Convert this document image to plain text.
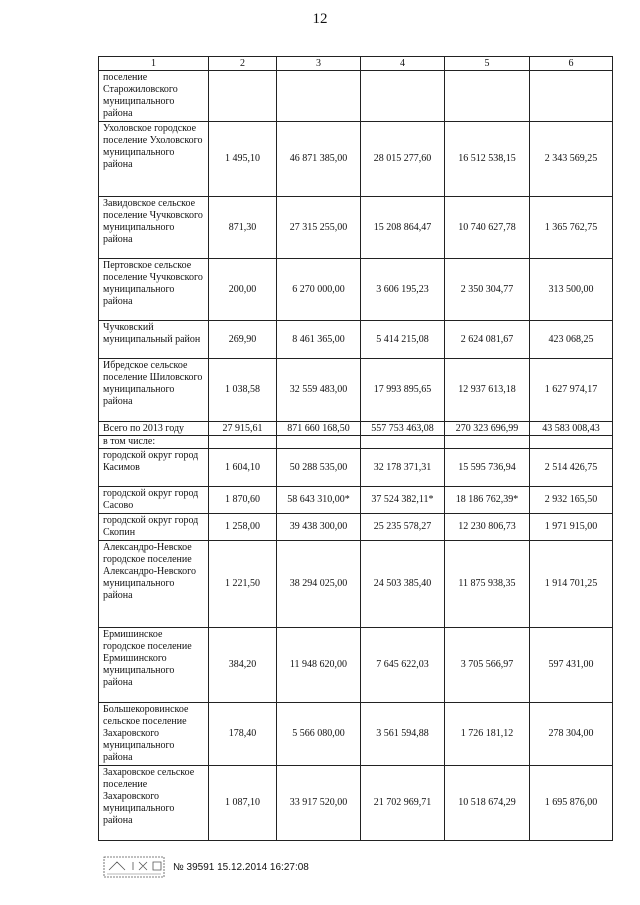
12
1	2	3	4	5	6
поселение Старожиловского муниципального района					
Ухоловское городское поселение Ухоловского муниципального района	1 495,10	46 871 385,00	28 015 277,60	16 512 538,15	2 343 569,25
Завидовское сельское поселение Чучковского муниципального района	871,30	27 315 255,00	15 208 864,47	10 740 627,78	1 365 762,75
Пертовское сельское поселение Чучковского муниципального района	200,00	6 270 000,00	3 606 195,23	2 350 304,77	313 500,00
Чучковский муниципальный район	269,90	8 461 365,00	5 414 215,08	2 624 081,67	423 068,25
Ибредское сельское поселение Шиловского муниципального района	1 038,58	32 559 483,00	17 993 895,65	12 937 613,18	1 627 974,17
Всего по 2013 году	27 915,61	871 660 168,50	557 753 463,08	270 323 696,99	43 583 008,43
в том числе:					
городской округ город Касимов	1 604,10	50 288 535,00	32 178 371,31	15 595 736,94	2 514 426,75
городской округ город Сасово	1 870,60	58 643 310,00*	37 524 382,11*	18 186 762,39*	2 932 165,50
городской округ город Скопин	1 258,00	39 438 300,00	25 235 578,27	12 230 806,73	1 971 915,00
Александро-Невское городское поселение Александро-Невского муниципального района	1 221,50	38 294 025,00	24 503 385,40	11 875 938,35	1 914 701,25
Ермишинское городское поселение Ермишинского муниципального района	384,20	11 948 620,00	7 645 622,03	3 705 566,97	597 431,00
Большекоровинское сельское поселение Захаровского муниципального района	178,40	5 566 080,00	3 561 594,88	1 726 181,12	278 304,00
Захаровское сельское поселение Захаровского муниципального района	1 087,10	33 917 520,00	21 702 969,71	10 518 674,29	1 695 876,00
№ 39591 15.12.2014 16:27:08
